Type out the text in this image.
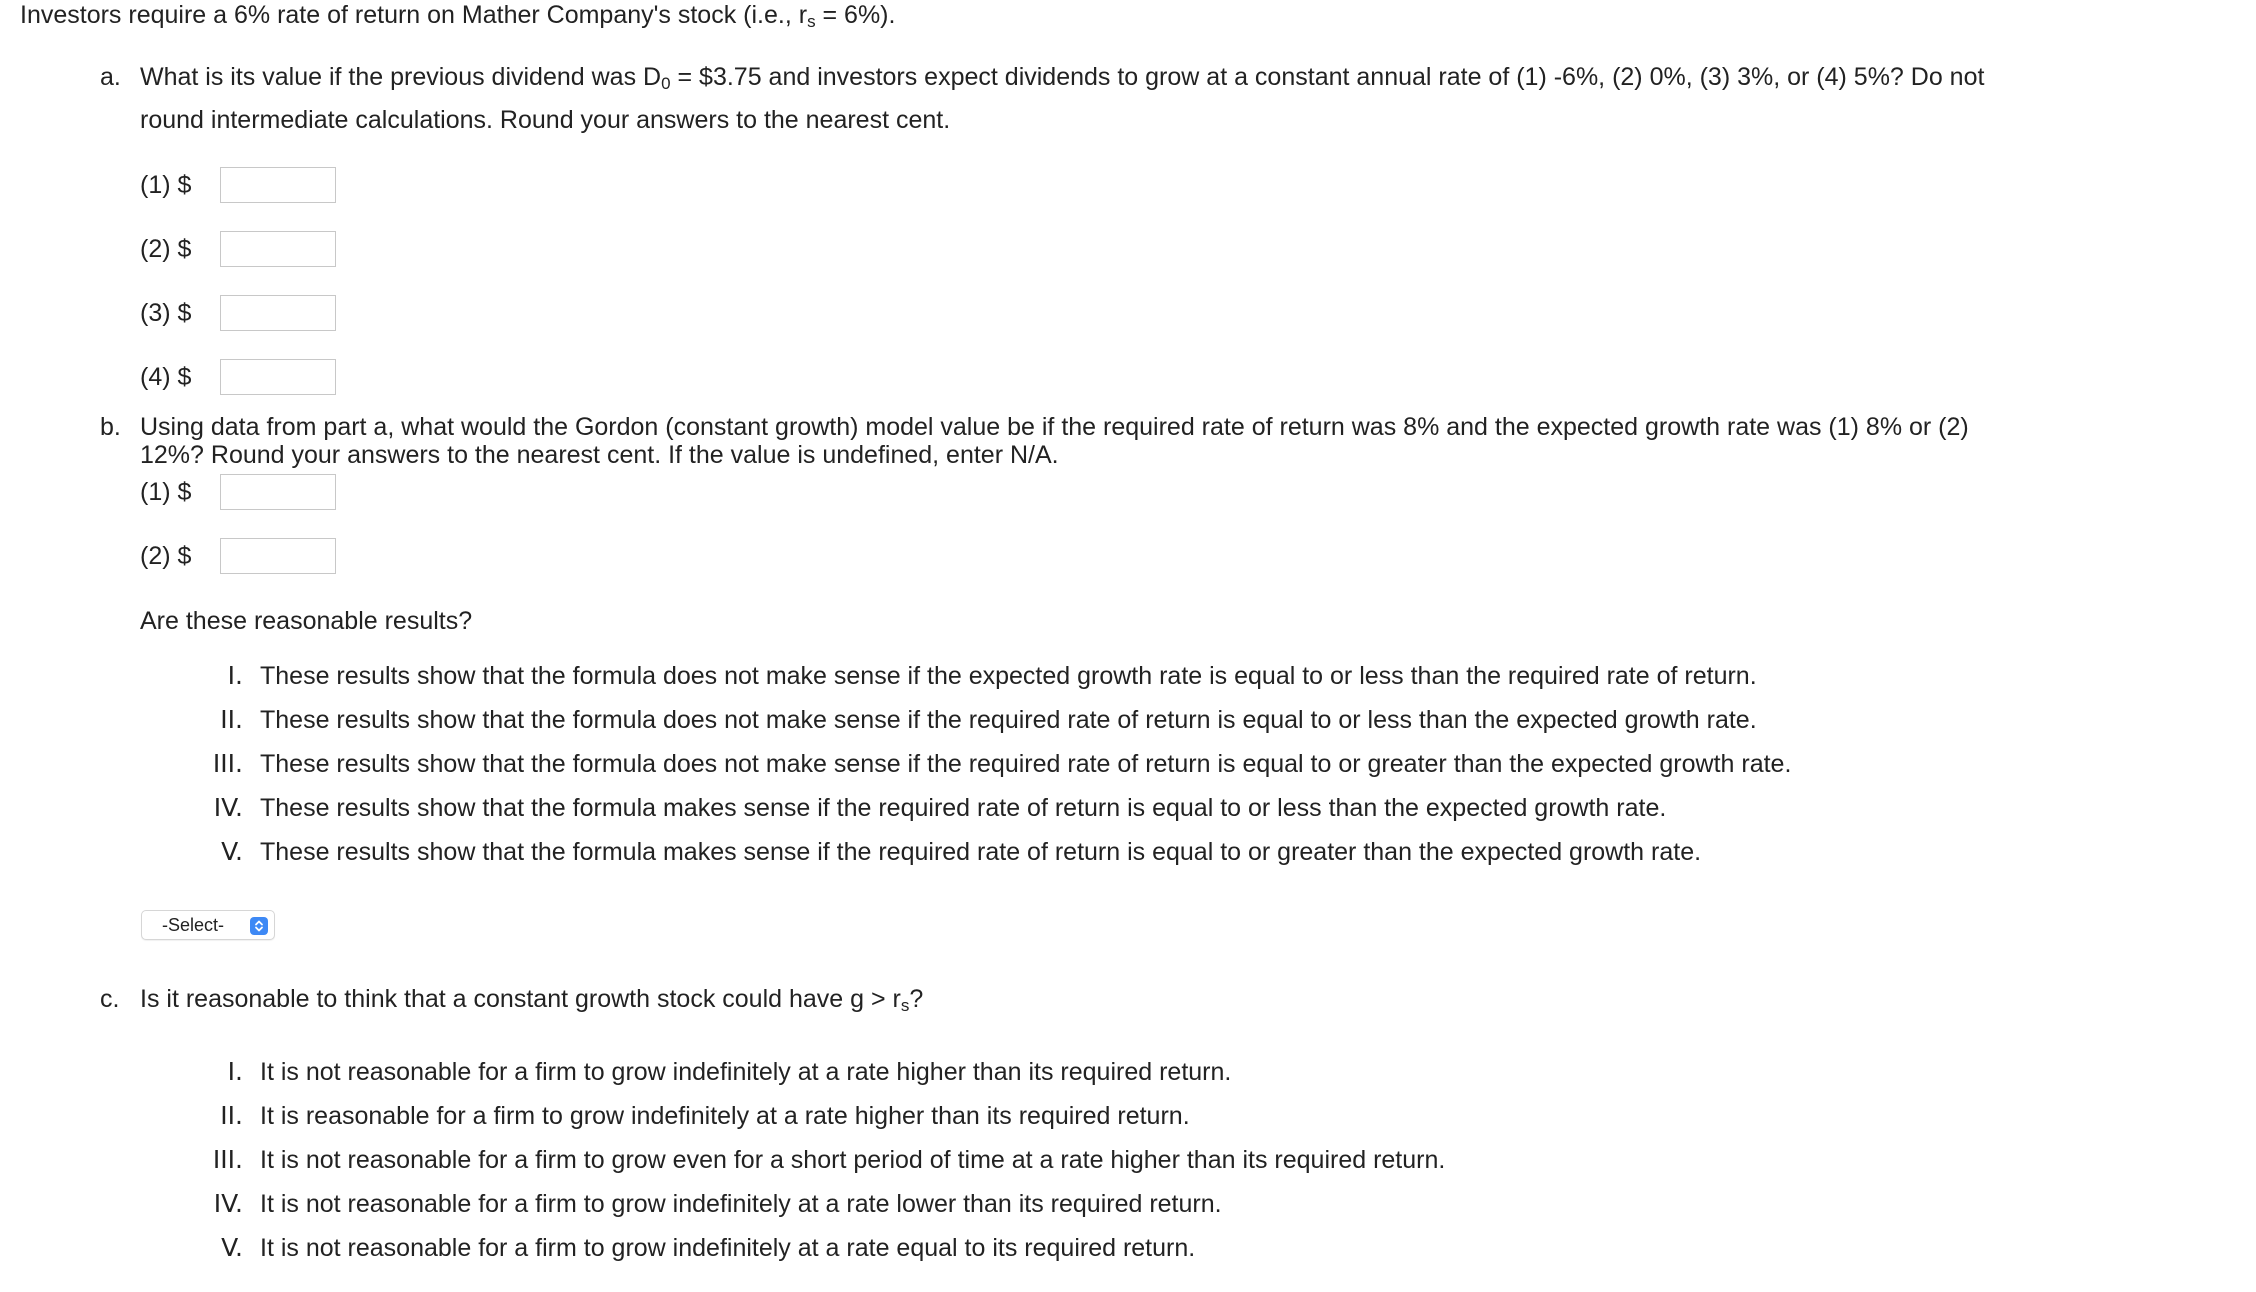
Investors require a 6% rate of return on Mather Company's stock (i.e., $r_s = 6\%$).
a. What is its value if the previous dividend was $D_0$ = $3.75 and investors expect dividends to grow at a constant annual rate of (1) -6%, (2) 0%, (3) 3%, or (4) 5%? Do not
round intermediate calculations. Round your answers to the nearest cent.
(1) $
(2) $
(3) $
(4) $
b. Using data from part a, what would the Gordon (constant growth) model value be if the required rate of return was 8% and the expected growth rate was (1) 8% or (2)
12%? Round your answers to the nearest cent. If the value is undefined, enter N/A.
(1) $
(2) $
Are these reasonable results?
I. These results show that the formula does not make sense if the expected growth rate is equal to or less than the required rate of return.
II. These results show that the formula does not make sense if the required rate of return is equal to or less than the expected growth rate.
III. These results show that the formula does not make sense if the required rate of return is equal to or greater than the expected growth rate.
IV. These results show that the formula makes sense if the required rate of return is equal to or less than the expected growth rate.
V. These results show that the formula makes sense if the required rate of return is equal to or greater than the expected growth rate.
-Select-
c. Is it reasonable to think that a constant growth stock could have $g > r_s$?
I. It is not reasonable for a firm to grow indefinitely at a rate higher than its required return.
II. It is reasonable for a firm to grow indefinitely at a rate higher than its required return.
III. It is not reasonable for a firm to grow even for a short period of time at a rate higher than its required return.
IV. It is not reasonable for a firm to grow indefinitely at a rate lower than its required return.
V. It is not reasonable for a firm to grow indefinitely at a rate equal to its required return.
